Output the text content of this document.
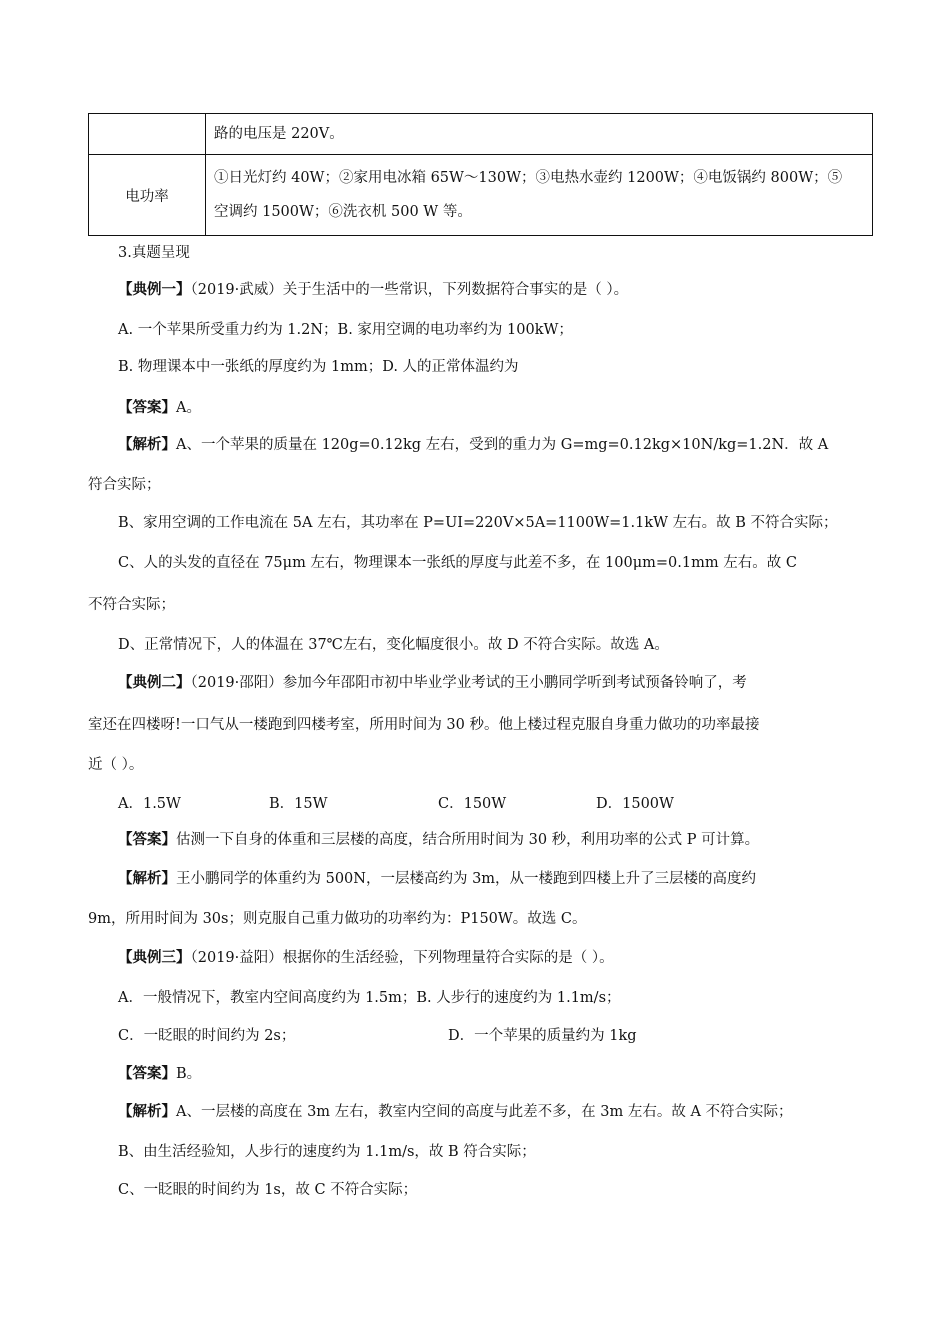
	路的电压是 220V。
电功率	①日光灯约 40W；②家用电冰箱 65W～130W；③电热水壶约 1200W；④电饭锅约 800W；⑤
空调约 1500W；⑥洗衣机 500 W 等。
3.真题呈现
【典例一】（2019·武威）关于生活中的一些常识，下列数据符合事实的是（ ）。
A. 一个苹果所受重力约为 1.2N；B. 家用空调的电功率约为 100kW；
B. 物理课本中一张纸的厚度约为 1mm；D. 人的正常体温约为
【答案】A。
【解析】A、一个苹果的质量在 120g=0.12kg 左右，受到的重力为 G=mg=0.12kg×10N/kg=1.2N．故 A
符合实际；
B、家用空调的工作电流在 5A 左右，其功率在 P=UI=220V×5A=1100W=1.1kW 左右。故 B 不符合实际；
C、人的头发的直径在 75μm 左右，物理课本一张纸的厚度与此差不多，在 100μm=0.1mm 左右。故 C
不符合实际；
D、正常情况下，人的体温在 37℃左右，变化幅度很小。故 D 不符合实际。故选 A。
【典例二】（2019·邵阳）参加今年邵阳市初中毕业学业考试的王小鹏同学听到考试预备铃响了，考
室还在四楼呀!一口气从一楼跑到四楼考室，所用时间为 30 秒。他上楼过程克服自身重力做功的功率最接
近（ ）。
A．1.5W	B．15W	C．150W	D．1500W
【答案】估测一下自身的体重和三层楼的高度，结合所用时间为 30 秒，利用功率的公式 P 可计算。
【解析】王小鹏同学的体重约为 500N，一层楼高约为 3m，从一楼跑到四楼上升了三层楼的高度约
9m，所用时间为 30s；则克服自己重力做功的功率约为：P150W。故选 C。
【典例三】（2019·益阳）根据你的生活经验，下列物理量符合实际的是（ ）。
A．一般情况下，教室内空间高度约为 1.5m；B. 人步行的速度约为 1.1m/s；
C．一眨眼的时间约为 2s；	D．一个苹果的质量约为 1kg
【答案】B。
【解析】A、一层楼的高度在 3m 左右，教室内空间的高度与此差不多，在 3m 左右。故 A 不符合实际；
B、由生活经验知，人步行的速度约为 1.1m/s，故 B 符合实际；
C、一眨眼的时间约为 1s，故 C 不符合实际；
